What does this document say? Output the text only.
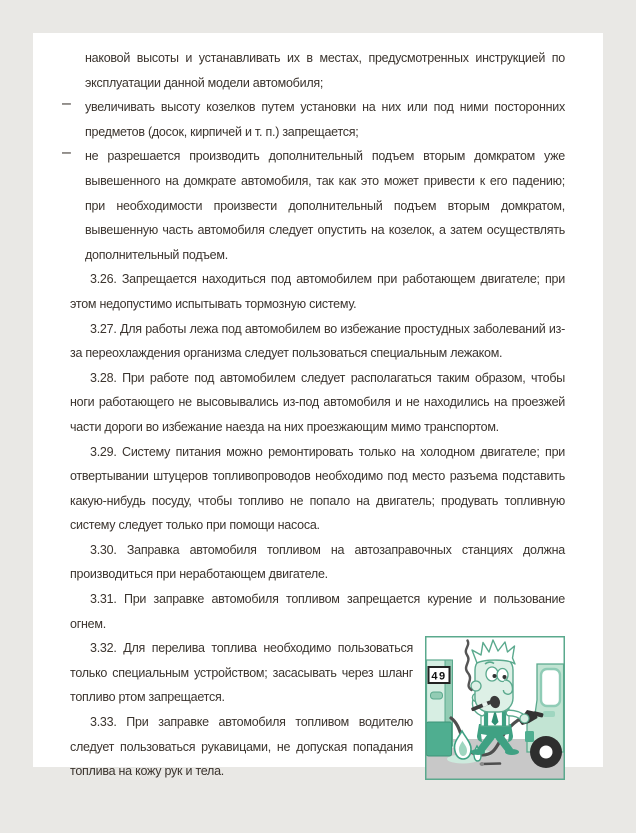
наковой высоты и устанавливать их в местах, предусмотренных инструкцией по эксплуатации данной модели автомобиля;

– увеличивать высоту козелков путем установки на них или под ними посторонних предметов (досок, кирпичей и т. п.) запрещается;

– не разрешается производить дополнительный подъем вторым домкратом уже вывешенного на домкрате автомобиля, так как это может привести к его падению; при необходимости произвести дополнительный подъем вторым домкратом, вывешенную часть автомобиля следует опустить на козелок, а затем осуществлять дополнительный подъем.

3.26. Запрещается находиться под автомобилем при работающем двигателе; при этом недопустимо испытывать тормозную систему.

3.27. Для работы лежа под автомобилем во избежание простудных заболеваний из-за переохлаждения организма следует пользоваться специальным лежаком.

3.28. При работе под автомобилем следует располагаться таким образом, чтобы ноги работающего не высовывались из-под автомобиля и не находились на проезжей части дороги во избежание наезда на них проезжающим мимо транспортом.

3.29. Систему питания можно ремонтировать только на холодном двигателе; при отвертывании штуцеров топливопроводов необходимо под место разъема подставить какую-нибудь посуду, чтобы топливо не попало на двигатель; продувать топливную систему следует только при помощи насоса.

3.30. Заправка автомобиля топливом на автозаправочных станциях должна производиться при неработающем двигателе.

3.31. При заправке автомобиля топливом запрещается курение и пользование огнем.

49

3.32. Для перелива топлива необходимо пользоваться только специальным устройством; засасывать через шланг топливо ртом запрещается.

3.33. При заправке автомобиля топливом водителю следует пользоваться рукавицами, не допуская попадания топлива на кожу рук и тела.
